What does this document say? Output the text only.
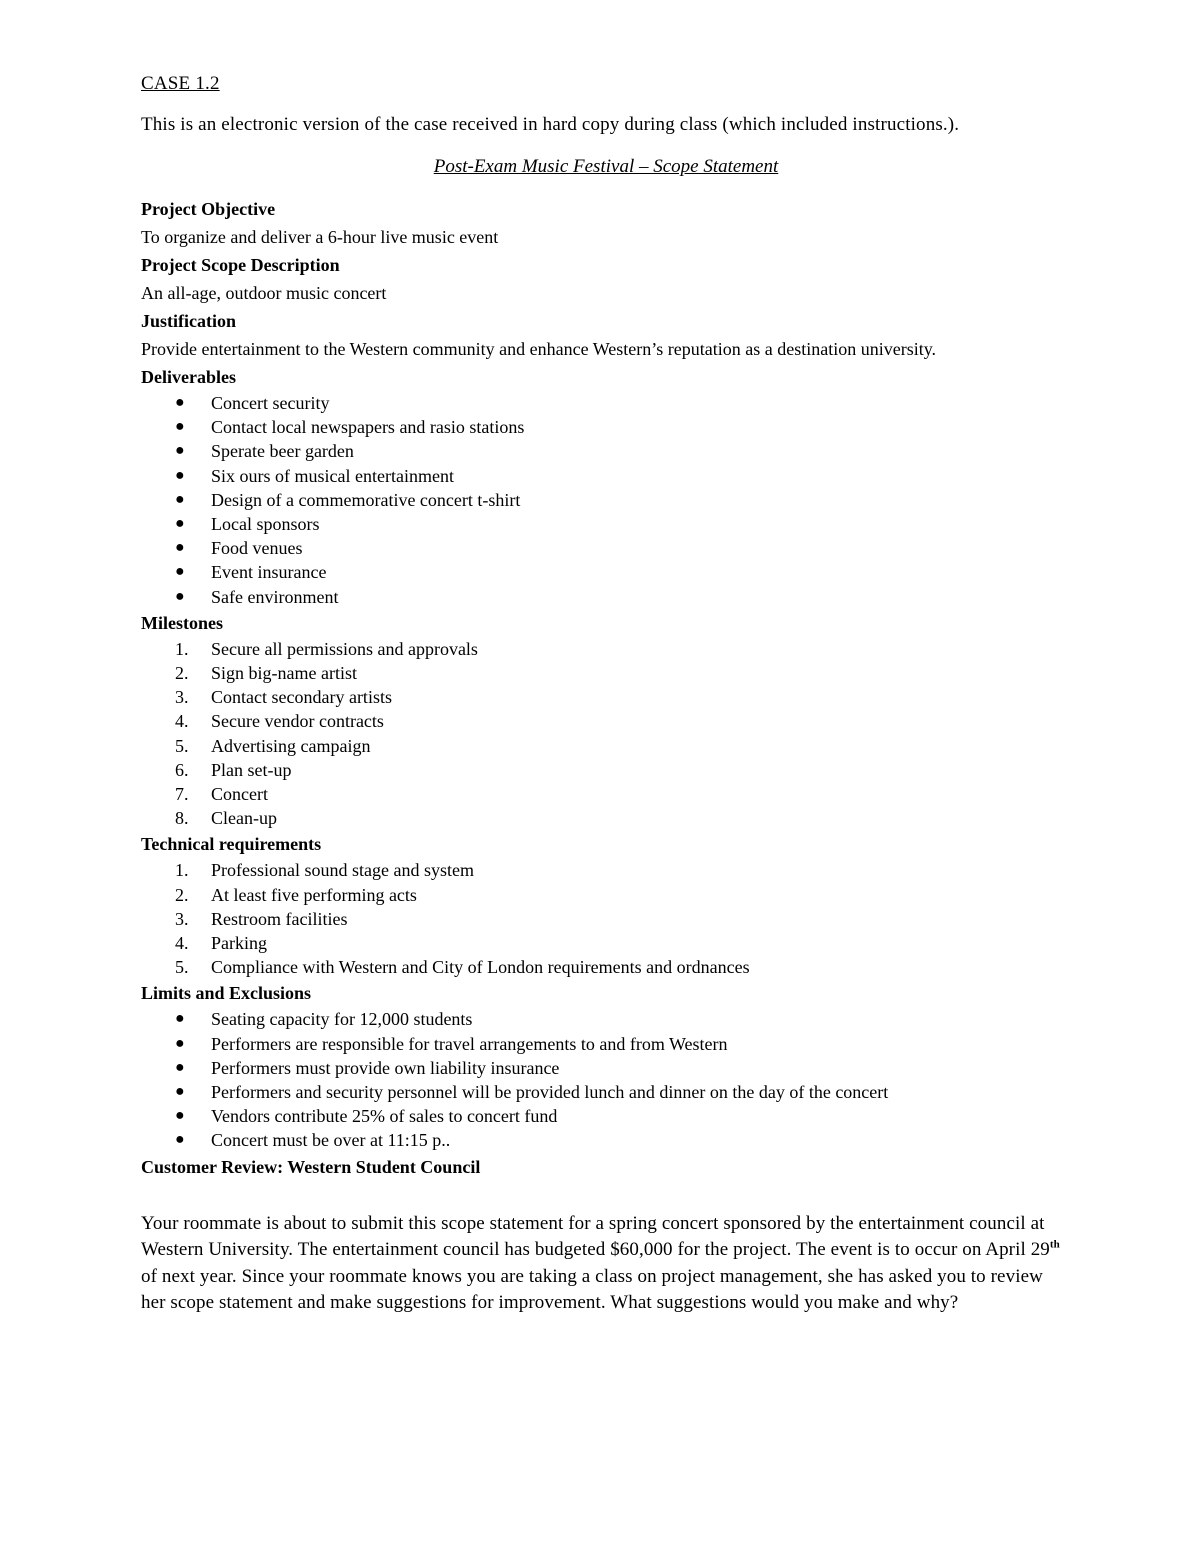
CASE 1.2

This is an electronic version of the case received in hard copy during class (which included instructions.).

Post-Exam Music Festival – Scope Statement

Project Objective

To organize and deliver a 6-hour live music event

Project Scope Description

An all-age, outdoor music concert

Justification

Provide entertainment to the Western community and enhance Western’s reputation as a destination university.

Deliverables

● Concert security
● Contact local newspapers and rasio stations
● Sperate beer garden
● Six ours of musical entertainment
● Design of a commemorative concert t-shirt
● Local sponsors
● Food venues
● Event insurance
● Safe environment

Milestones

1. Secure all permissions and approvals
2. Sign big-name artist
3. Contact secondary artists
4. Secure vendor contracts
5. Advertising campaign
6. Plan set-up
7. Concert
8. Clean-up

Technical requirements

1. Professional sound stage and system
2. At least five performing acts
3. Restroom facilities
4. Parking
5. Compliance with Western and City of London requirements and ordnances

Limits and Exclusions

● Seating capacity for 12,000 students
● Performers are responsible for travel arrangements to and from Western
● Performers must provide own liability insurance
● Performers and security personnel will be provided lunch and dinner on the day of the concert
● Vendors contribute 25% of sales to concert fund
● Concert must be over at 11:15 p..

Customer Review: Western Student Council

Your roommate is about to submit this scope statement for a spring concert sponsored by the entertainment council at Western University. The entertainment council has budgeted $60,000 for the project. The event is to occur on April 29th of next year. Since your roommate knows you are taking a class on project management, she has asked you to review her scope statement and make suggestions for improvement. What suggestions would you make and why?
